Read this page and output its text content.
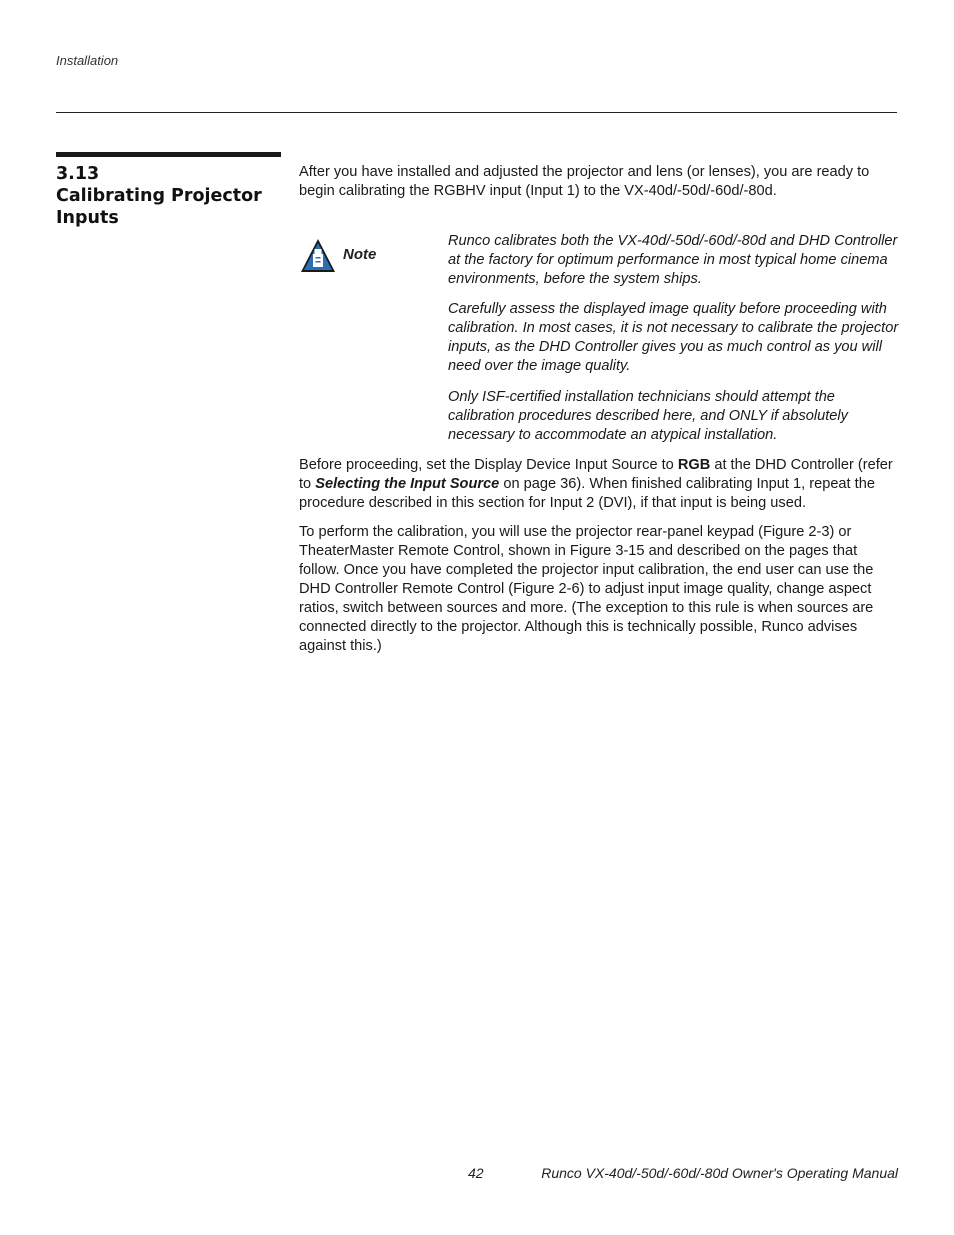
Installation
3.13
Calibrating Projector
Inputs

After you have installed and adjusted the projector and lens (or lenses), you are ready to begin calibrating the RGBHV input (Input 1) to the VX-40d/-50d/-60d/-80d.

Note

Runco calibrates both the VX-40d/-50d/-60d/-80d and DHD Controller at the factory for optimum performance in most typical home cinema environments, before the system ships.

Carefully assess the displayed image quality before proceeding with calibration. In most cases, it is not necessary to calibrate the projector inputs, as the DHD Controller gives you as much control as you will need over the image quality.

Only ISF-certified installation technicians should attempt the calibration procedures described here, and ONLY if absolutely necessary to accommodate an atypical installation.

Before proceeding, set the Display Device Input Source to RGB at the DHD Controller (refer to Selecting the Input Source on page 36). When finished calibrating Input 1, repeat the procedure described in this section for Input 2 (DVI), if that input is being used.

To perform the calibration, you will use the projector rear-panel keypad (Figure 2-3) or TheaterMaster Remote Control, shown in Figure 3-15 and described on the pages that follow. Once you have completed the projector input calibration, the end user can use the DHD Controller Remote Control (Figure 2-6) to adjust input image quality, change aspect ratios, switch between sources and more. (The exception to this rule is when sources are connected directly to the projector. Although this is technically possible, Runco advises against this.)

42	Runco VX-40d/-50d/-60d/-80d Owner's Operating Manual
